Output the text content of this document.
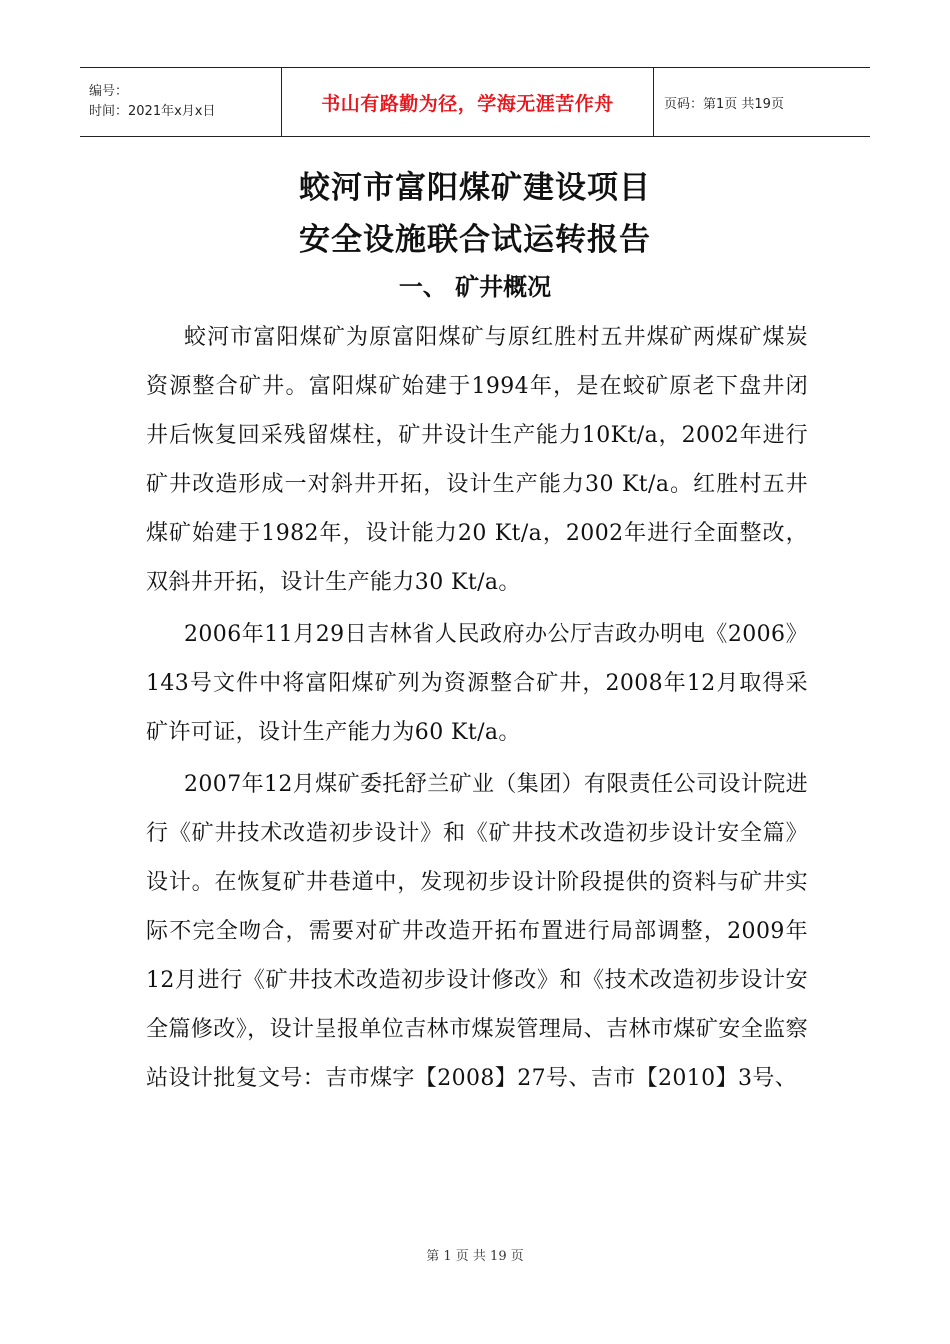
编号：
时间：2021年x月x日	书山有路勤为径，学海无涯苦作舟	页码：第1页 共19页
蛟河市富阳煤矿建设项目
安全设施联合试运转报告
一、 矿井概况

蛟河市富阳煤矿为原富阳煤矿与原红胜村五井煤矿两煤矿煤炭资源整合矿井。富阳煤矿始建于1994年，是在蛟矿原老下盘井闭井后恢复回采残留煤柱，矿井设计生产能力10Kt/a，2002年进行矿井改造形成一对斜井开拓，设计生产能力30 Kt/a。红胜村五井煤矿始建于1982年，设计能力20 Kt/a，2002年进行全面整改，双斜井开拓，设计生产能力30 Kt/a。

2006年11月29日吉林省人民政府办公厅吉政办明电《2006》143号文件中将富阳煤矿列为资源整合矿井，2008年12月取得采矿许可证，设计生产能力为60 Kt/a。

2007年12月煤矿委托舒兰矿业（集团）有限责任公司设计院进行《矿井技术改造初步设计》和《矿井技术改造初步设计安全篇》设计。在恢复矿井巷道中，发现初步设计阶段提供的资料与矿井实际不完全吻合，需要对矿井改造开拓布置进行局部调整，2009年12月进行《矿井技术改造初步设计修改》和《技术改造初步设计安全篇修改》，设计呈报单位吉林市煤炭管理局、吉林市煤矿安全监察站设计批复文号：吉市煤字【2008】27号、吉市【2010】3号、

第 1 页 共 19 页
